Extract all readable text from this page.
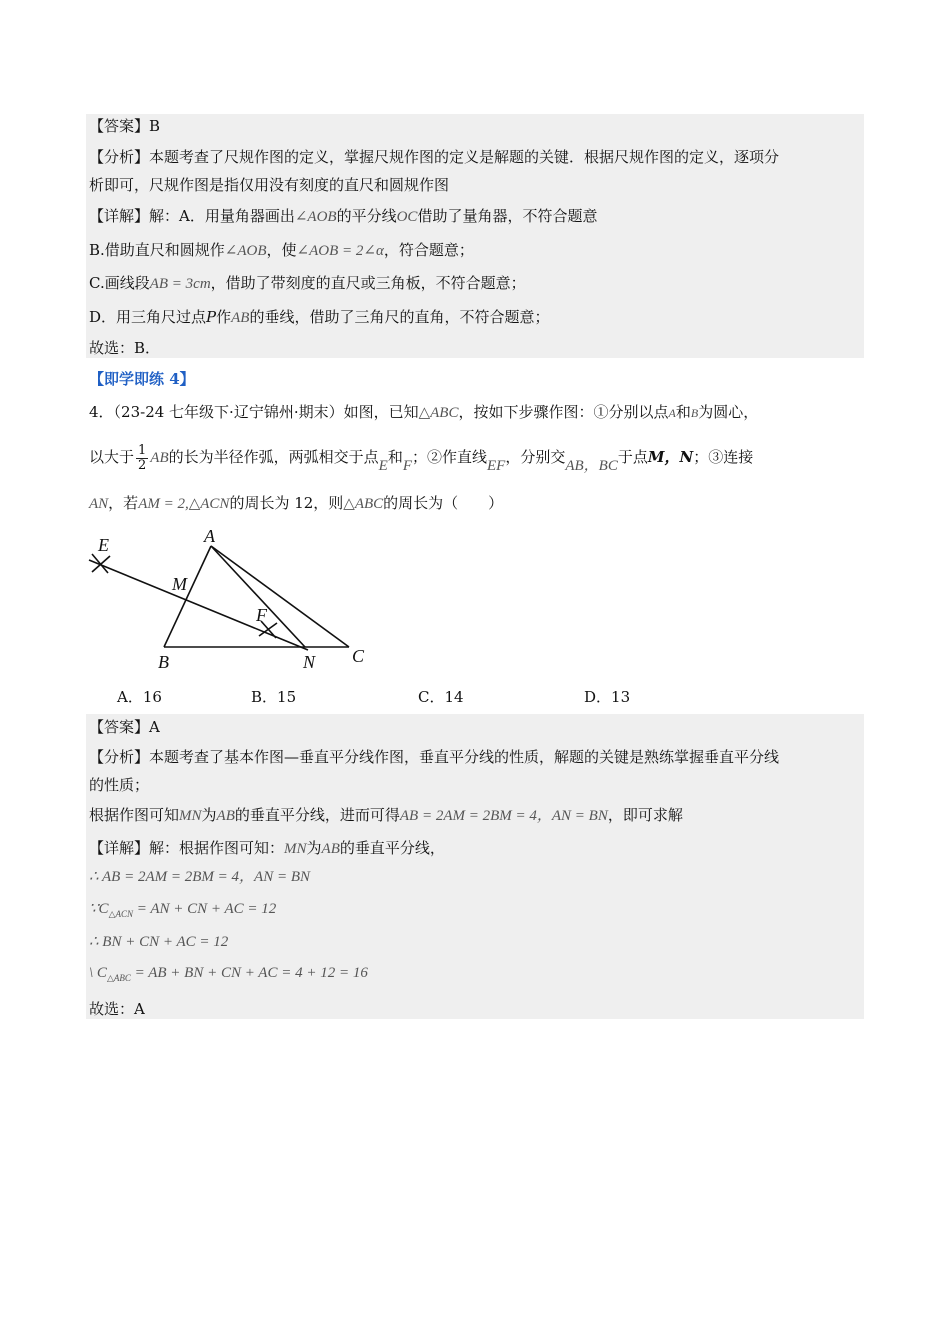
【答案】B
【分析】本题考查了尺规作图的定义，掌握尺规作图的定义是解题的关键．根据尺规作图的定义，逐项分
析即可，尺规作图是指仅用没有刻度的直尺和圆规作图
【详解】解：A．用量角器画出∠AOB的平分线OC借助了量角器，不符合题意
B.借助直尺和圆规作∠AOB，使∠AOB = 2∠α，符合题意；
C.画线段AB = 3cm，借助了带刻度的直尺或三角板，不符合题意；
D．用三角尺过点P作AB的垂线，借助了三角尺的直角，不符合题意；
故选：B．
【即学即练 4】
4．（23-24 七年级下·辽宁锦州·期末）如图，已知△ABC，按如下步骤作图：①分别以点A和B为圆心，
以大于 $\frac{1}{2}$ AB的长为半径作弧，两弧相交于点E和F；②作直线EF，分别交AB，BC于点M，N；③连接
AN，若AM = 2,△ACN的周长为 12，则△ABC的周长为（　　）
E	A
M
F
B	N C
A．16	B．15	C．14	D．13
【答案】A
【分析】本题考查了基本作图—垂直平分线作图，垂直平分线的性质，解题的关键是熟练掌握垂直平分线
的性质；
根据作图可知MN为AB的垂直平分线，进而可得AB = 2AM = 2BM = 4，AN = BN，即可求解
【详解】解：根据作图可知：MN为AB的垂直平分线，
∴ AB = 2AM = 2BM = 4，AN = BN
$\because C_{\triangle ACN}$ = AN + CN + AC = 12
∴ BN + CN + AC = 12
\ $C_{\triangle ABC}$ = AB + BN + CN + AC = 4 + 12 = 16
故选：A
